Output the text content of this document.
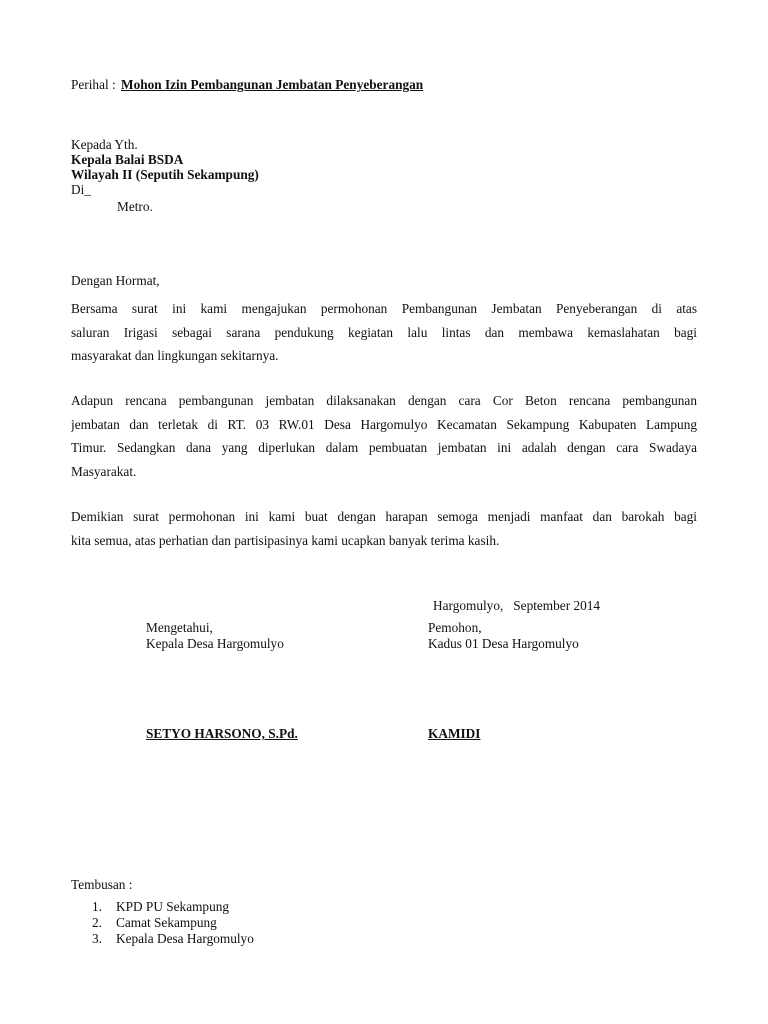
Perihal : Mohon Izin Pembangunan Jembatan Penyeberangan
Kepada Yth.
Kepala Balai BSDA
Wilayah II (Seputih Sekampung)
Di_
Metro.
Dengan Hormat,
Bersama surat ini kami mengajukan permohonan Pembangunan Jembatan Penyeberangan di atas
saluran Irigasi sebagai sarana pendukung kegiatan lalu lintas dan membawa kemaslahatan bagi
masyarakat dan lingkungan sekitarnya.
Adapun rencana pembangunan jembatan dilaksanakan dengan cara Cor Beton rencana pembangunan
jembatan dan terletak di RT. 03 RW.01 Desa Hargomulyo Kecamatan Sekampung Kabupaten Lampung
Timur. Sedangkan dana yang diperlukan dalam pembuatan jembatan ini adalah dengan cara Swadaya
Masyarakat.
Demikian surat permohonan ini kami buat dengan harapan semoga menjadi manfaat dan barokah bagi
kita semua, atas perhatian dan partisipasinya kami ucapkan banyak terima kasih.
Hargomulyo,   September 2014
Mengetahui,
Kepala Desa Hargomulyo
SETYO HARSONO, S.Pd.
Pemohon,
Kadus 01 Desa Hargomulyo
KAMIDI
Tembusan :
1. KPD PU Sekampung
2. Camat Sekampung
3. Kepala Desa Hargomulyo
